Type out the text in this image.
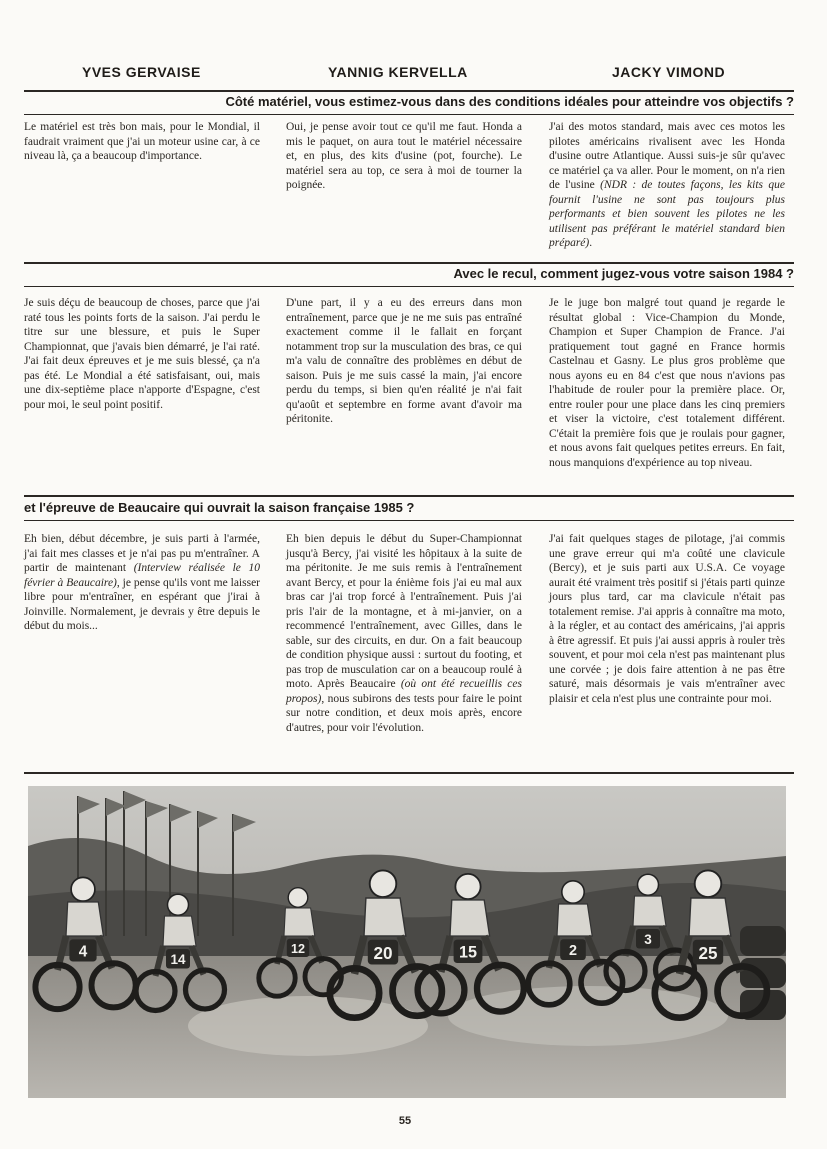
YVES GERVAISE	YANNIG KERVELLA	JACKY VIMOND
Côté matériel, vous estimez-vous dans des conditions idéales pour atteindre vos objectifs ?
Le matériel est très bon mais, pour le Mondial, il faudrait vraiment que j'ai un moteur usine car, à ce niveau là, ça a beaucoup d'importance.
Oui, je pense avoir tout ce qu'il me faut. Honda a mis le paquet, on aura tout le matériel nécessaire et, en plus, des kits d'usine (pot, fourche). Le matériel sera au top, ce sera à moi de tourner la poignée.
J'ai des motos standard, mais avec ces motos les pilotes américains rivalisent avec les Honda d'usine outre Atlantique. Aussi suis-je sûr qu'avec ce matériel ça va aller. Pour le moment, on n'a rien de l'usine (NDR : de toutes façons, les kits que fournit l'usine ne sont pas toujours plus performants et bien souvent les pilotes ne les utilisent pas préférant le matériel standard bien préparé).
Avec le recul, comment jugez-vous votre saison 1984 ?
Je suis déçu de beaucoup de choses, parce que j'ai raté tous les points forts de la saison. J'ai perdu le titre sur une blessure, et puis le Super Championnat, que j'avais bien démarré, je l'ai raté. J'ai fait deux épreuves et je me suis blessé, ça n'a pas été. Le Mondial a été satisfaisant, oui, mais une dix-septième place n'apporte d'Espagne, c'est pour moi, le seul point positif.
D'une part, il y a eu des erreurs dans mon entraînement, parce que je ne me suis pas entraîné exactement comme il le fallait en forçant notamment trop sur la musculation des bras, ce qui m'a valu de connaître des problèmes en début de saison. Puis je me suis cassé la main, j'ai encore perdu du temps, si bien qu'en réalité je n'ai fait qu'août et septembre en forme avant d'avoir ma péritonite.
Je le juge bon malgré tout quand je regarde le résultat global : Vice-Champion du Monde, Champion et Super Champion de France. J'ai pratiquement tout gagné en France hormis Castelnau et Gasny. Le plus gros problème que nous ayons eu en 84 c'est que nous n'avions pas l'habitude de rouler pour la première place. Or, entre rouler pour une place dans les cinq premiers et viser la victoire, c'est totalement différent. C'était la première fois que je roulais pour gagner, et nous avons fait quelques petites erreurs. En fait, nous manquions d'expérience au top niveau.
et l'épreuve de Beaucaire qui ouvrait la saison française 1985 ?
Eh bien, début décembre, je suis parti à l'armée, j'ai fait mes classes et je n'ai pas pu m'entraîner. A partir de maintenant (Interview réalisée le 10 février à Beaucaire), je pense qu'ils vont me laisser libre pour m'entraîner, en espérant que j'irai à Joinville. Normalement, je devrais y être depuis le début du mois...
Eh bien depuis le début du Super-Championnat jusqu'à Bercy, j'ai visité les hôpitaux à la suite de ma péritonite. Je me suis remis à l'entraînement avant Bercy, et pour la énième fois j'ai eu mal aux bras car j'ai trop forcé à l'entraînement. Puis j'ai pris l'air de la montagne, et à mi-janvier, on a recommencé l'entraînement, avec Gilles, dans le sable, sur des circuits, en dur. On a fait beaucoup de condition physique aussi : surtout du footing, et pas trop de musculation car on a beaucoup roulé à moto. Après Beaucaire (où ont été recueillis ces propos), nous subirons des tests pour faire le point sur notre condition, et deux mois après, encore d'autres, pour voir l'évolution.
J'ai fait quelques stages de pilotage, j'ai commis une grave erreur qui m'a coûté une clavicule (Bercy), et je suis parti aux U.S.A. Ce voyage aurait été vraiment très positif si j'étais parti quinze jours plus tard, car ma clavicule n'était pas totalement remise. J'ai appris à connaître ma moto, à la régler, et au contact des américains, j'ai appris à être agressif. Et puis j'ai aussi appris à rouler très souvent, et pour moi cela n'est pas maintenant plus une corvée ; je dois faire attention à ne pas être saturé, mais désormais je vais m'entraîner avec plaisir et cela n'est plus une contrainte pour moi.
4	14
12	20	15	2
3
25
55
